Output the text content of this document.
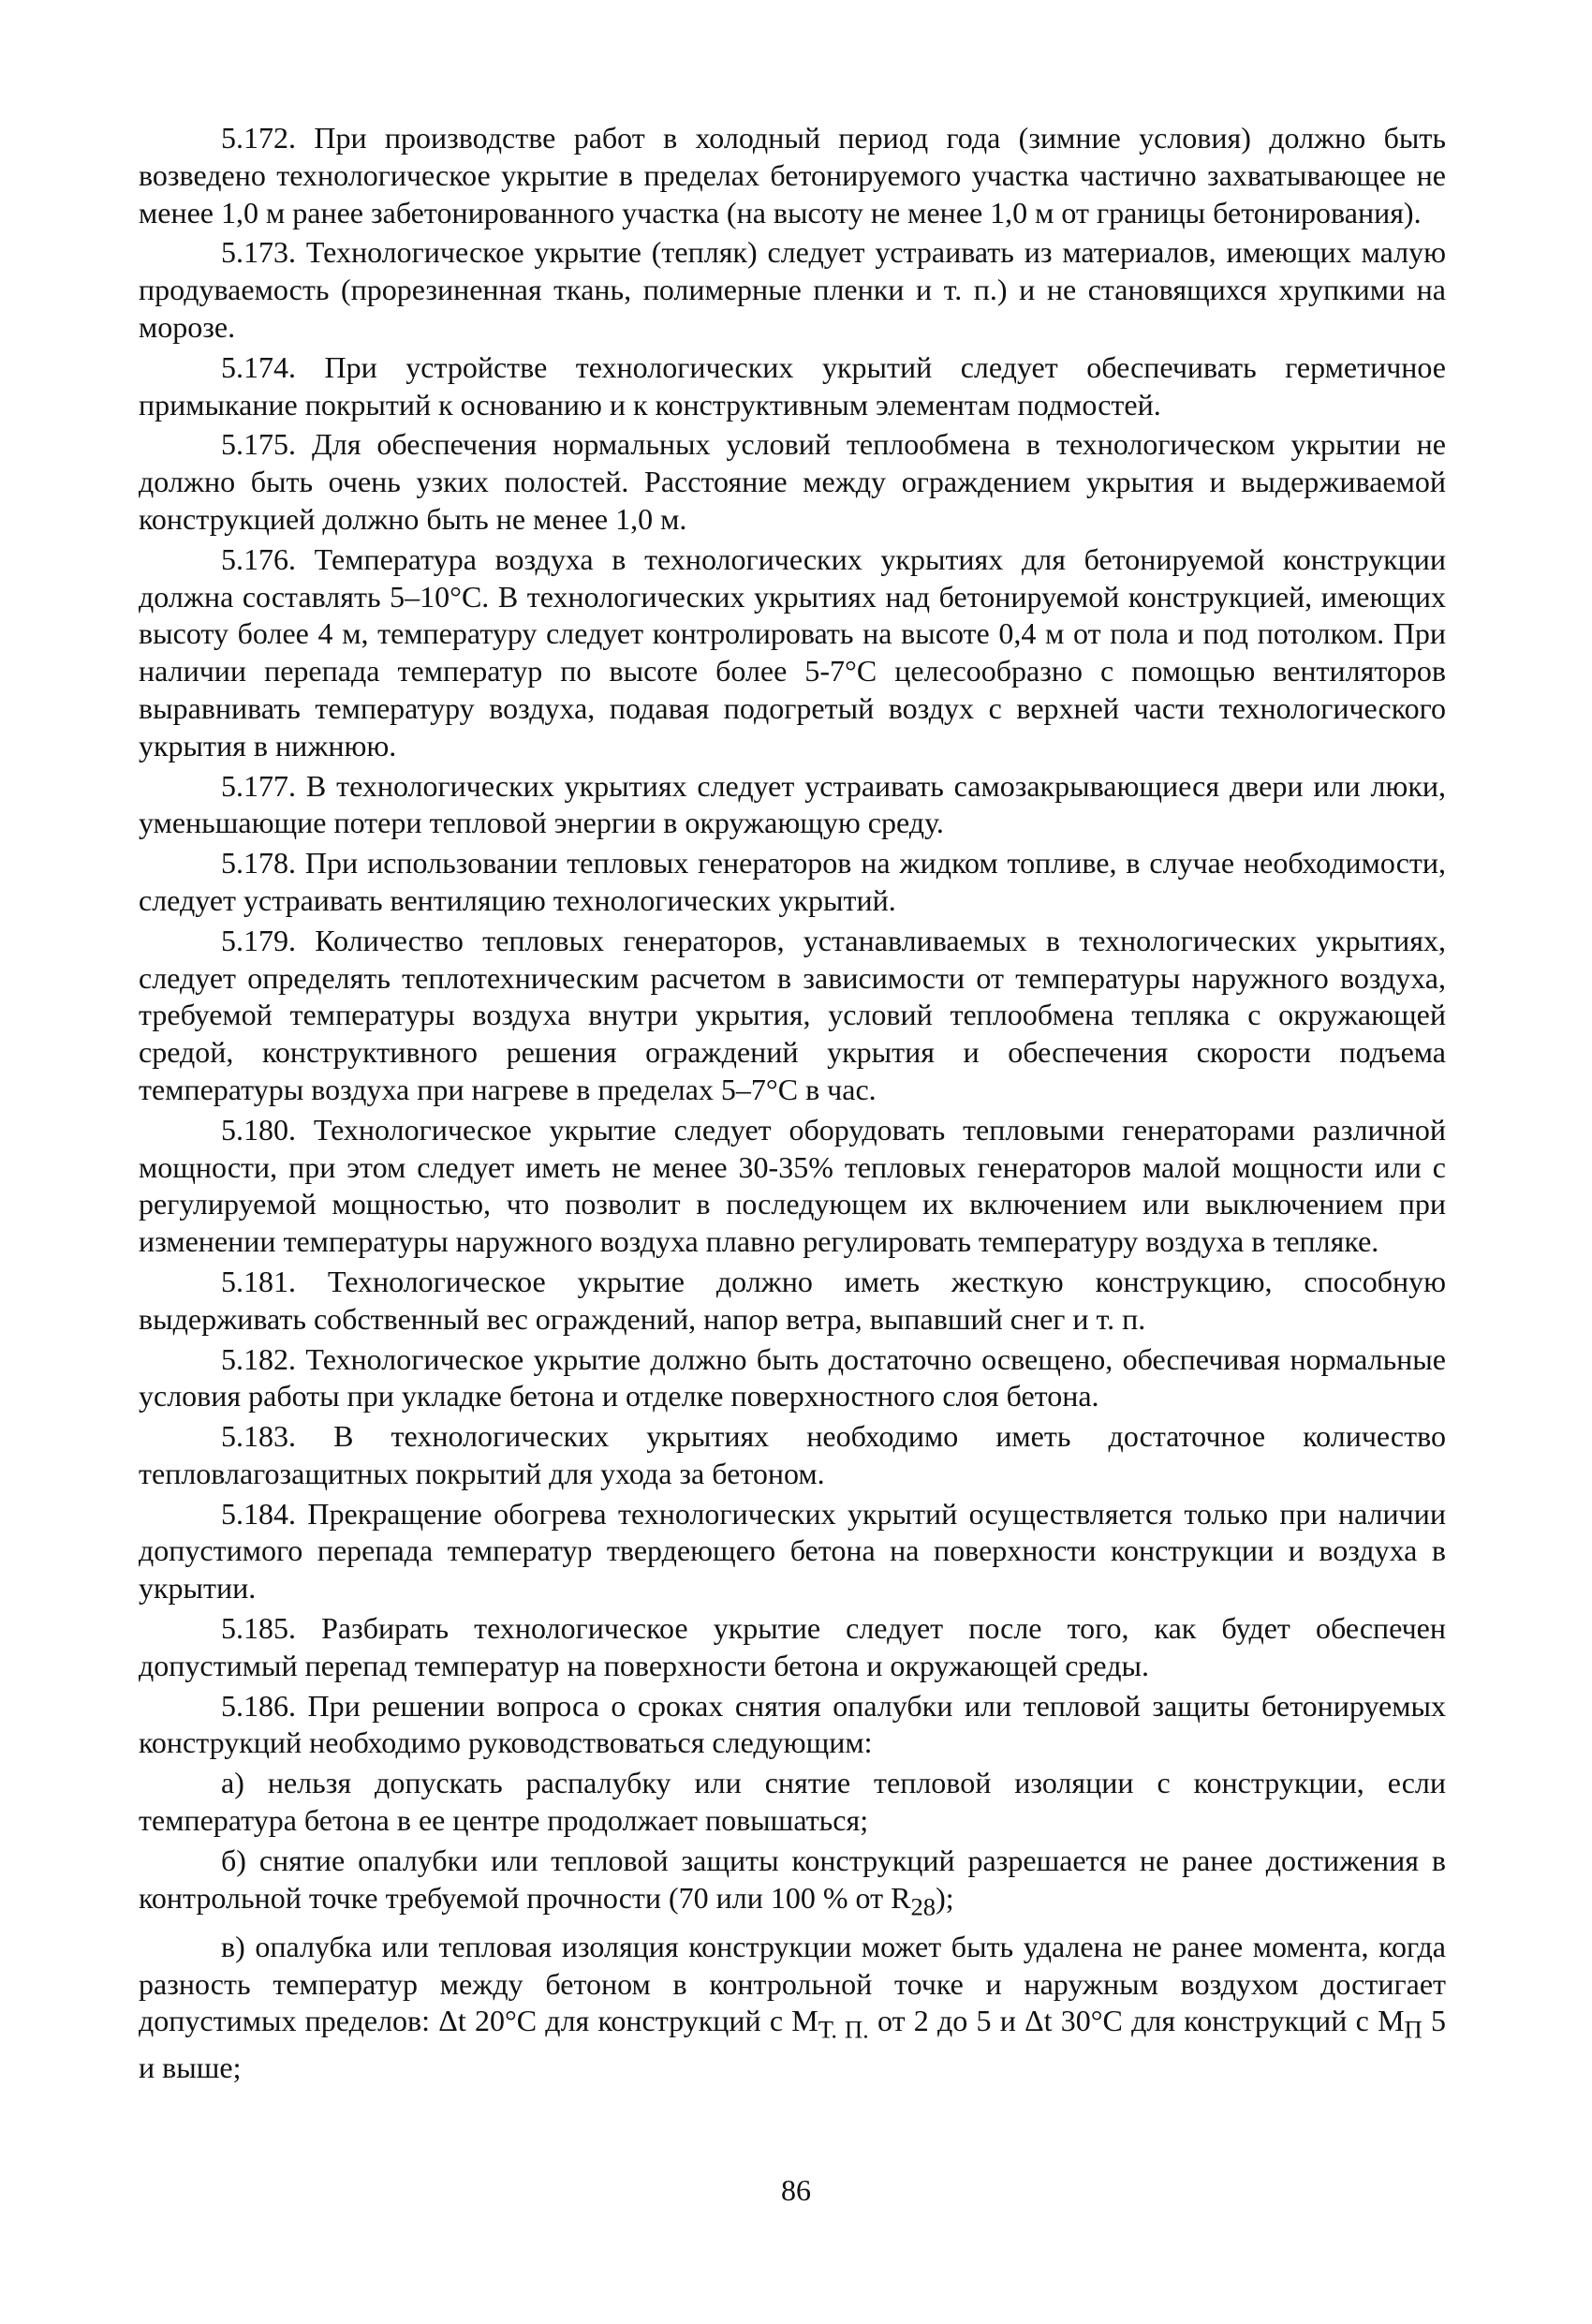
5.172. При производстве работ в холодный период года (зимние условия) должно быть возведено технологическое укрытие в пределах бетонируемого участка частично захватывающее не менее 1,0 м ранее забетонированного участка (на высоту не менее 1,0 м от границы бетонирования).

5.173. Технологическое укрытие (тепляк) следует устраивать из материалов, имеющих малую продуваемость (прорезиненная ткань, полимерные пленки и т. п.) и не становящихся хрупкими на морозе.

5.174. При устройстве технологических укрытий следует обеспечивать герметичное примыкание покрытий к основанию и к конструктивным элементам подмостей.

5.175. Для обеспечения нормальных условий теплообмена в технологическом укрытии не должно быть очень узких полостей. Расстояние между ограждением укрытия и выдерживаемой конструкцией должно быть не менее 1,0 м.

5.176. Температура воздуха в технологических укрытиях для бетонируемой конструкции должна составлять 5–10°С. В технологических укрытиях над бетонируемой конструкцией, имеющих высоту более 4 м, температуру следует контролировать на высоте 0,4 м от пола и под потолком. При наличии перепада температур по высоте более 5-7°С целесообразно с помощью вентиляторов выравнивать температуру воздуха, подавая подогретый воздух с верхней части технологического укрытия в нижнюю.

5.177. В технологических укрытиях следует устраивать самозакрывающиеся двери или люки, уменьшающие потери тепловой энергии в окружающую среду.

5.178. При использовании тепловых генераторов на жидком топливе, в случае необходимости, следует устраивать вентиляцию технологических укрытий.

5.179. Количество тепловых генераторов, устанавливаемых в технологических укрытиях, следует определять теплотехническим расчетом в зависимости от температуры наружного воздуха, требуемой температуры воздуха внутри укрытия, условий теплообмена тепляка с окружающей средой, конструктивного решения ограждений укрытия и обеспечения скорости подъема температуры воздуха при нагреве в пределах 5–7°С в час.

5.180. Технологическое укрытие следует оборудовать тепловыми генераторами различной мощности, при этом следует иметь не менее 30-35% тепловых генераторов малой мощности или с регулируемой мощностью, что позволит в последующем их включением или выключением при изменении температуры наружного воздуха плавно регулировать температуру воздуха в тепляке.

5.181. Технологическое укрытие должно иметь жесткую конструкцию, способную выдерживать собственный вес ограждений, напор ветра, выпавший снег и т. п.

5.182. Технологическое укрытие должно быть достаточно освещено, обеспечивая нормальные условия работы при укладке бетона и отделке поверхностного слоя бетона.

5.183. В технологических укрытиях необходимо иметь достаточное количество тепловлагозащитных покрытий для ухода за бетоном.

5.184. Прекращение обогрева технологических укрытий осуществляется только при наличии допустимого перепада температур твердеющего бетона на поверхности конструкции и воздуха в укрытии.

5.185. Разбирать технологическое укрытие следует после того, как будет обеспечен допустимый перепад температур на поверхности бетона и окружающей среды.

5.186. При решении вопроса о сроках снятия опалубки или тепловой защиты бетонируемых конструкций необходимо руководствоваться следующим:

а) нельзя допускать распалубку или снятие тепловой изоляции с конструкции, если температура бетона в ее центре продолжает повышаться;

б) снятие опалубки или тепловой защиты конструкций разрешается не ранее достижения в контрольной точке требуемой прочности (70 или 100 % от $R_{28}$);

в) опалубка или тепловая изоляция конструкции может быть удалена не ранее момента, когда разность температур между бетоном в контрольной точке и наружным воздухом достигает допустимых пределов: Δt 20°С для конструкций с $М_{Т. П.}$ от 2 до 5 и Δt 30°С для конструкций с $М_П$ 5 и выше;

86
